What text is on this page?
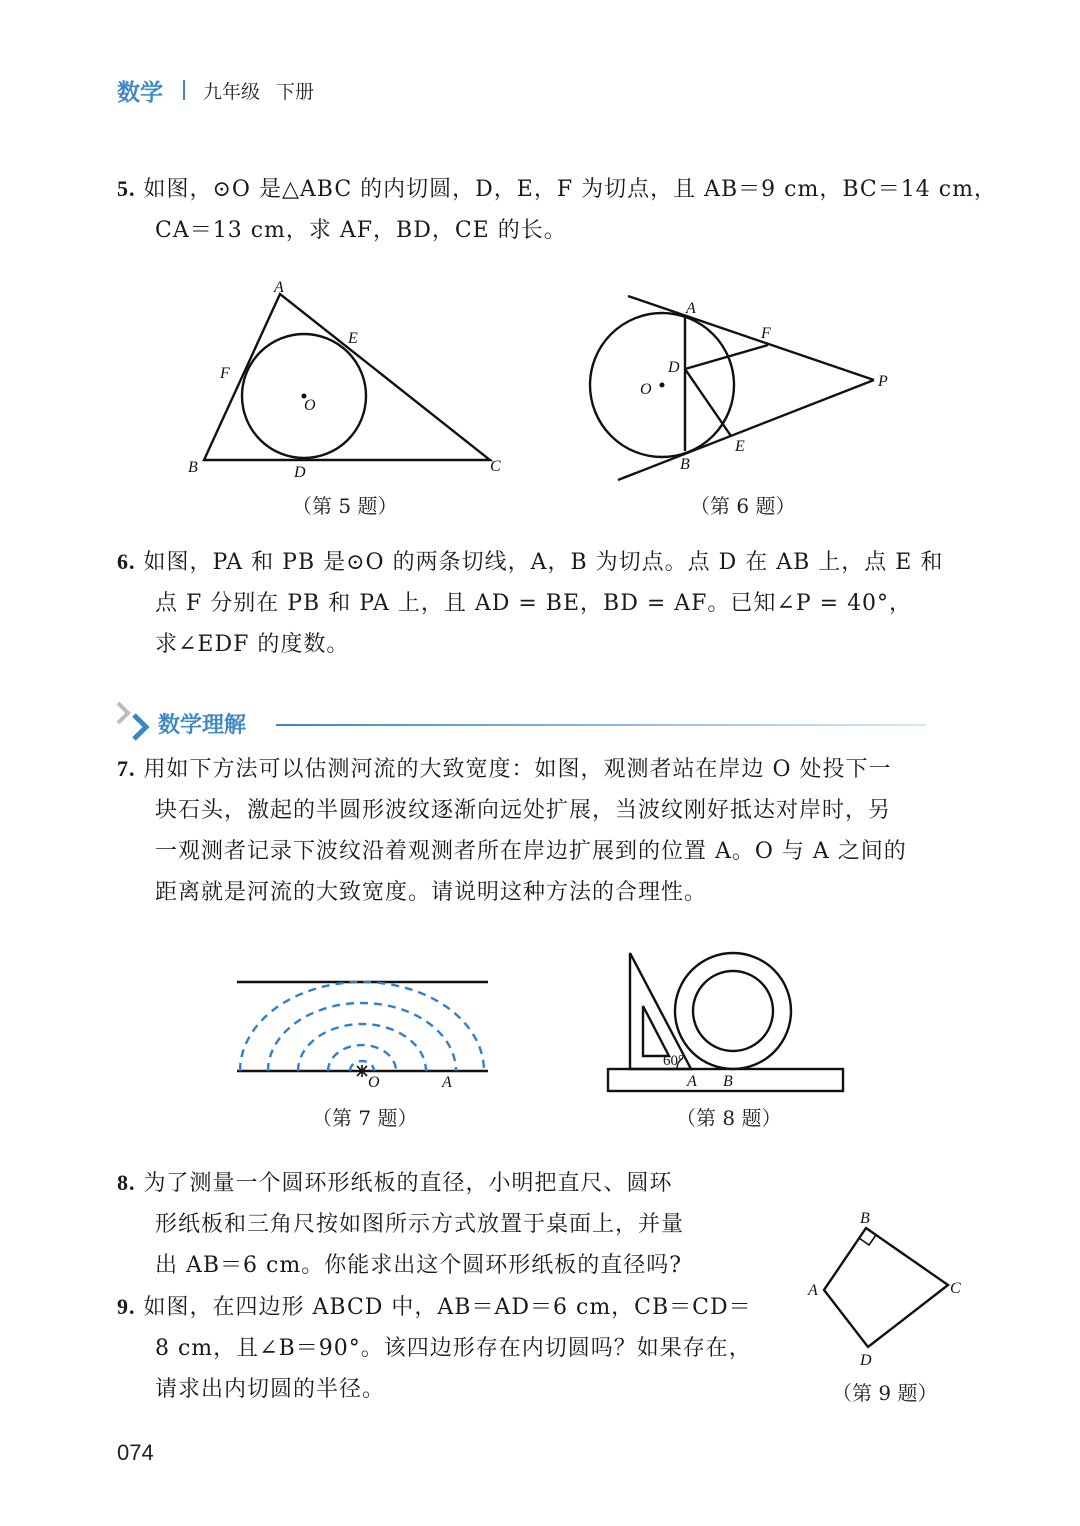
数学 九年级 下册
5. 如图，⊙O 是△ABC 的内切圆，D，E，F 为切点，且 AB＝9 cm，BC＝14 cm，
CA＝13 cm，求 AF，BD，CE 的长。
A
B	C
D
E
F
O
（第 5 题）
A
B
D
E
F
O	P
（第 6 题）
6. 如图，PA 和 PB 是⊙O 的两条切线，A，B 为切点。点 D 在 AB 上，点 E 和
点 F 分别在 PB 和 PA 上，且 AD = BE，BD = AF。已知∠P = 40°，
求∠EDF 的度数。
数学理解
7. 用如下方法可以估测河流的大致宽度：如图，观测者站在岸边 O 处投下一
块石头，激起的半圆形波纹逐渐向远处扩展，当波纹刚好抵达对岸时，另
一观测者记录下波纹沿着观测者所在岸边扩展到的位置 A。O 与 A 之间的
距离就是河流的大致宽度。请说明这种方法的合理性。
O	A
（第 7 题）
60°
A B
（第 8 题）
8. 为了测量一个圆环形纸板的直径，小明把直尺、圆环
形纸板和三角尺按如图所示方式放置于桌面上，并量
出 AB＝6 cm。你能求出这个圆环形纸板的直径吗?
9. 如图，在四边形 ABCD 中，AB＝AD＝6 cm，CB＝CD＝
8 cm，且∠B＝90°。该四边形存在内切圆吗？如果存在，
请求出内切圆的半径。
B
C
D
A
（第 9 题）
074
